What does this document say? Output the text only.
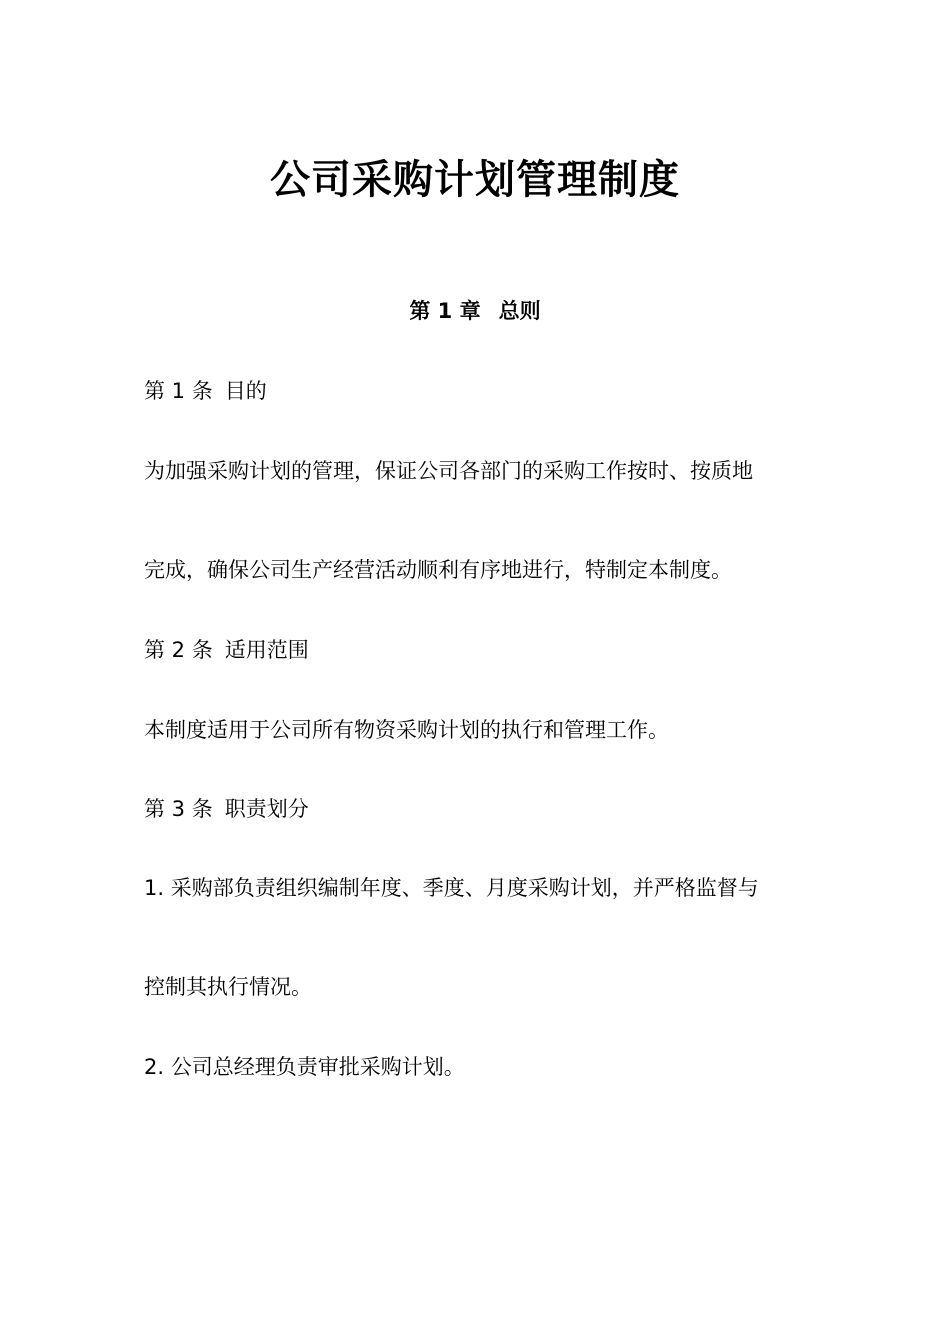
公司采购计划管理制度
第 1 章 总则
第 1 条 目的
为加强采购计划的管理，保证公司各部门的采购工作按时、按质地
完成，确保公司生产经营活动顺利有序地进行，特制定本制度。
第 2 条 适用范围
本制度适用于公司所有物资采购计划的执行和管理工作。
第 3 条 职责划分
1. 采购部负责组织编制年度、季度、月度采购计划，并严格监督与
控制其执行情况。
2. 公司总经理负责审批采购计划。
